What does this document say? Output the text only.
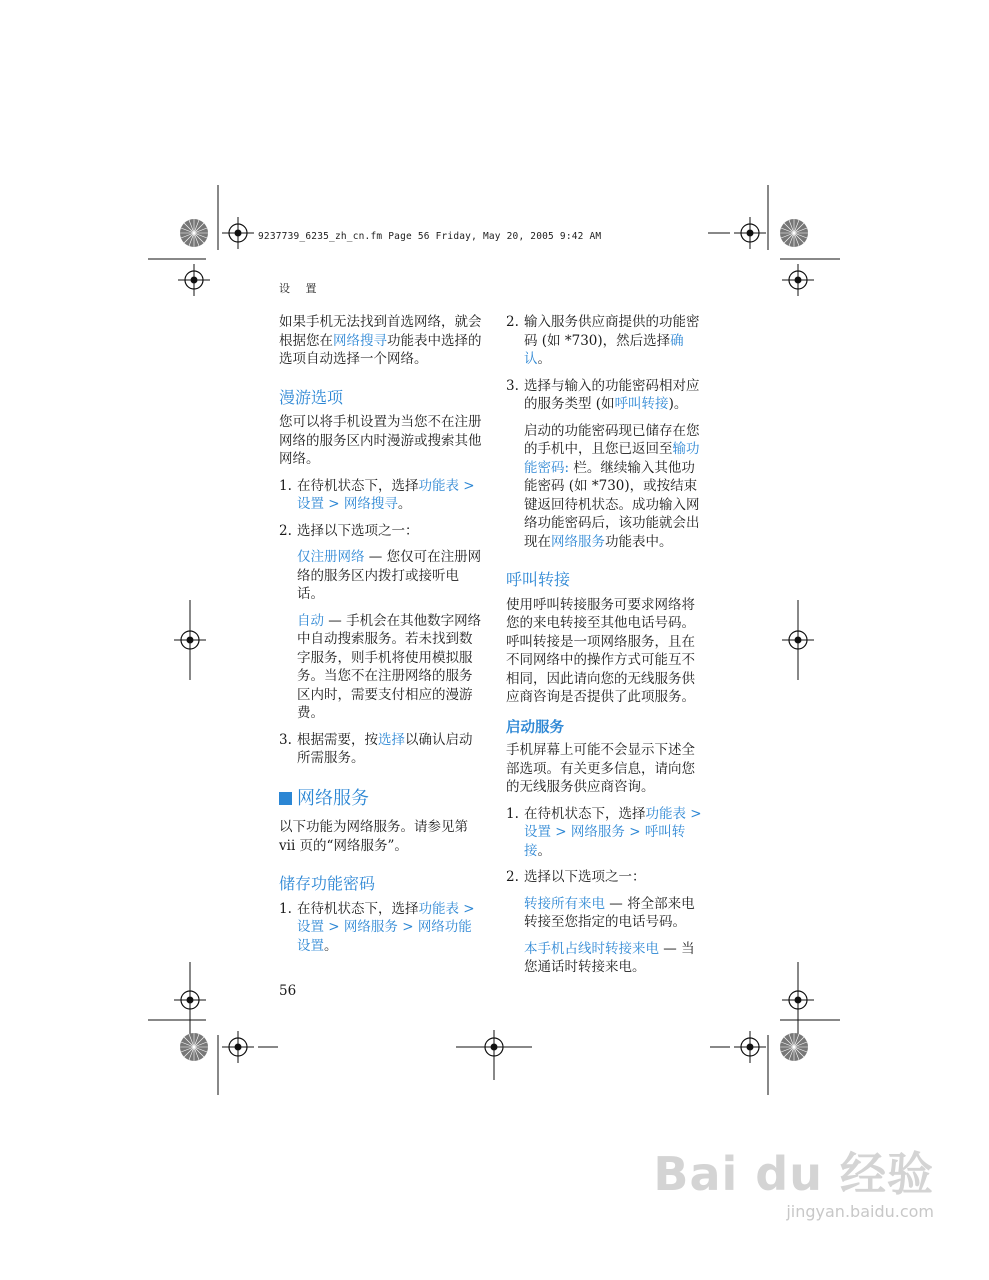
9237739_6235_zh_cn.fm Page 56 Friday, May 20, 2005 9:42 AM
设 置

如果手机无法找到首选网络，就会根据您在网络搜寻功能表中选择的选项自动选择一个网络。

漫游选项

您可以将手机设置为当您不在注册网络的服务区内时漫游或搜索其他网络。

1. 在待机状态下，选择功能表 > 设置 > 网络搜寻。
2. 选择以下选项之一：

仅注册网络 — 您仅可在注册网络的服务区内拨打或接听电话。

自动 — 手机会在其他数字网络中自动搜索服务。若未找到数字服务，则手机将使用模拟服务。当您不在注册网络的服务区内时，需要支付相应的漫游费。

3. 根据需要，按选择以确认启动所需服务。
网络服务

以下功能为网络服务。请参见第 vii 页的“网络服务”。

储存功能密码
1. 在待机状态下，选择功能表 > 设置 > 网络服务 > 网络功能设置。
2. 输入服务供应商提供的功能密码 (如 *730)，然后选择确认。
3. 选择与输入的功能密码相对应的服务类型 (如呼叫转接)。

启动的功能密码现已储存在您的手机中，且您已返回至输功能密码: 栏。继续输入其他功能密码 (如 *730)，或按结束键返回待机状态。成功输入网络功能密码后，该功能就会出现在网络服务功能表中。

呼叫转接

使用呼叫转接服务可要求网络将您的来电转接至其他电话号码。呼叫转接是一项网络服务，且在不同网络中的操作方式可能互不相同，因此请向您的无线服务供应商咨询是否提供了此项服务。

启动服务

手机屏幕上可能不会显示下述全部选项。有关更多信息，请向您的无线服务供应商咨询。

1. 在待机状态下，选择功能表 > 设置 > 网络服务 > 呼叫转接。
2. 选择以下选项之一：

转接所有来电 — 将全部来电转接至您指定的电话号码。

本手机占线时转接来电 — 当您通话时转接来电。

56
Bai du 经验
jingyan.baidu.com
